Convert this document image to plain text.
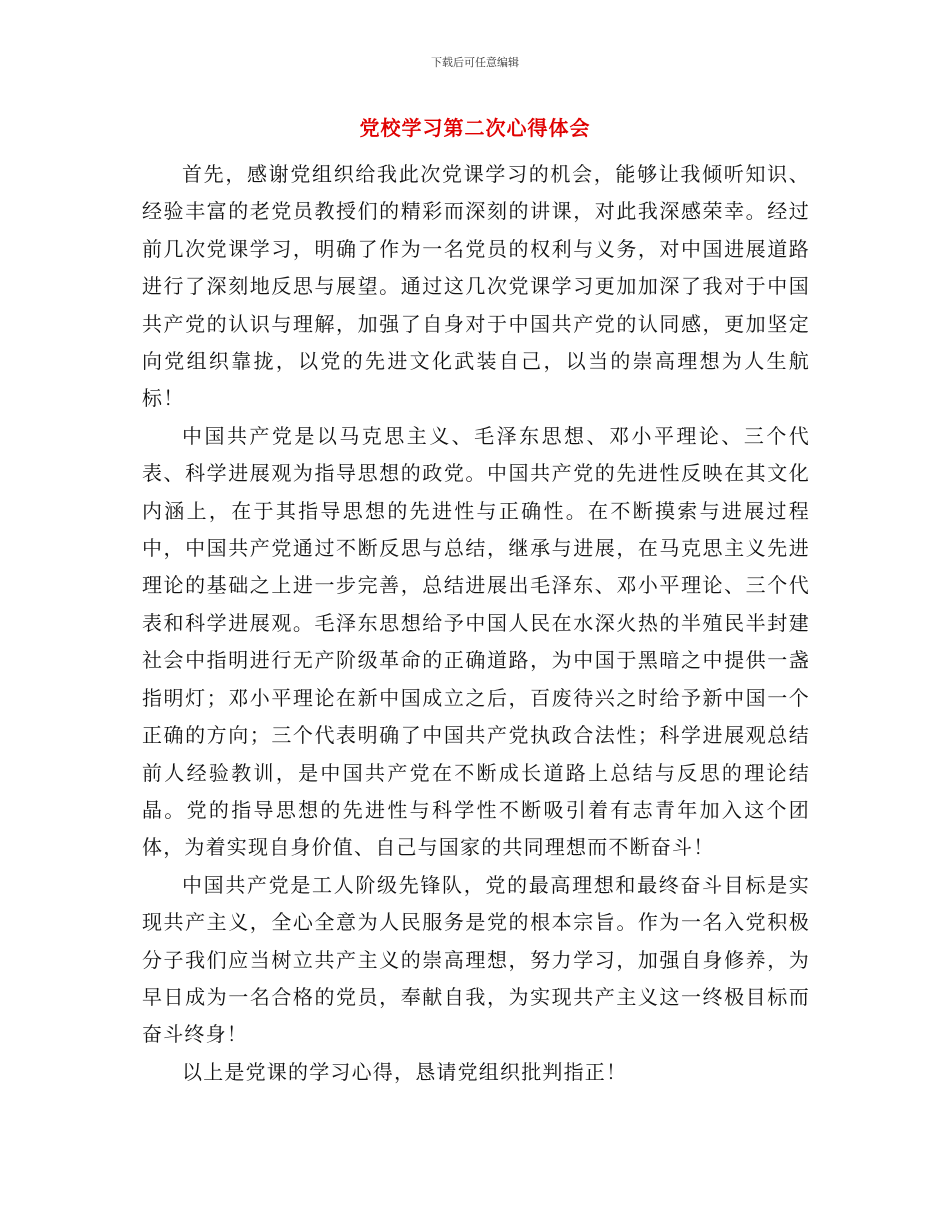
下载后可任意编辑
党校学习第二次心得体会

首先，感谢党组织给我此次党课学习的机会，能够让我倾听知识、经验丰富的老党员教授们的精彩而深刻的讲课，对此我深感荣幸。经过前几次党课学习，明确了作为一名党员的权利与义务，对中国进展道路进行了深刻地反思与展望。通过这几次党课学习更加加深了我对于中国共产党的认识与理解，加强了自身对于中国共产党的认同感，更加坚定向党组织靠拢，以党的先进文化武装自己，以当的崇高理想为人生航标！

中国共产党是以马克思主义、毛泽东思想、邓小平理论、三个代表、科学进展观为指导思想的政党。中国共产党的先进性反映在其文化内涵上，在于其指导思想的先进性与正确性。在不断摸索与进展过程中，中国共产党通过不断反思与总结，继承与进展，在马克思主义先进理论的基础之上进一步完善，总结进展出毛泽东、邓小平理论、三个代表和科学进展观。毛泽东思想给予中国人民在水深火热的半殖民半封建社会中指明进行无产阶级革命的正确道路，为中国于黑暗之中提供一盏指明灯；邓小平理论在新中国成立之后，百废待兴之时给予新中国一个正确的方向；三个代表明确了中国共产党执政合法性；科学进展观总结前人经验教训，是中国共产党在不断成长道路上总结与反思的理论结晶。党的指导思想的先进性与科学性不断吸引着有志青年加入这个团体，为着实现自身价值、自己与国家的共同理想而不断奋斗！

中国共产党是工人阶级先锋队，党的最高理想和最终奋斗目标是实现共产主义，全心全意为人民服务是党的根本宗旨。作为一名入党积极分子我们应当树立共产主义的崇高理想，努力学习，加强自身修养，为早日成为一名合格的党员，奉献自我，为实现共产主义这一终极目标而奋斗终身！

以上是党课的学习心得，恳请党组织批判指正！
